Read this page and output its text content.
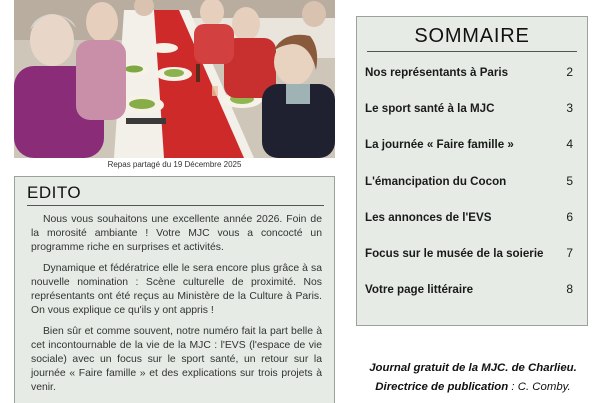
Repas partagé du 19 Décembre 2025
EDITO

Nous vous souhaitons une excellente année 2026. Foin de la morosité ambiante ! Votre MJC vous a concocté un programme riche en surprises et activités.

Dynamique et fédératrice elle le sera encore plus grâce à sa nouvelle nomination : Scène culturelle de proximité. Nos représentants ont été reçus au Ministère de la Culture à Paris. On vous explique ce qu'ils y ont appris !

Bien sûr et comme souvent, notre numéro fait la part belle à cet incontournable de la vie de la MJC : l'EVS (l'espace de vie sociale) avec un focus sur le sport santé, un retour sur la journée « Faire famille » et des explications sur trois projets à venir.

SOMMAIRE
Nos représentants à Paris	2
Le sport santé à la MJC	3
La journée « Faire famille »	4
L'émancipation du Cocon	5
Les annonces de l'EVS	6
Focus sur le musée de la soierie 7
Votre page littéraire	8
Journal gratuit de la MJC. de Charlieu.
Directrice de publication : C. Comby.
